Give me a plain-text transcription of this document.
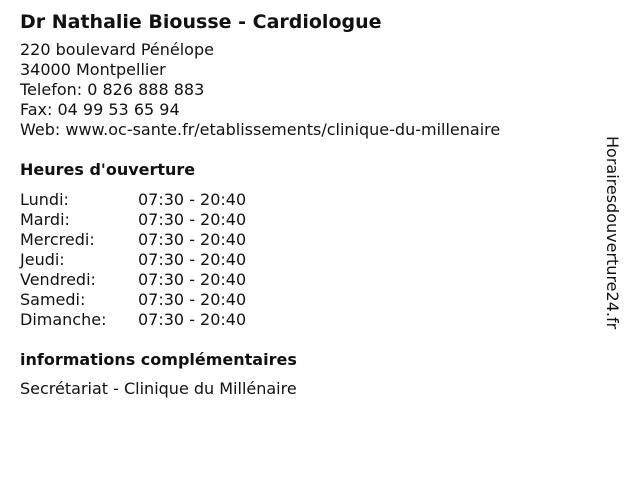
Dr Nathalie Biousse - Cardiologue
220 boulevard Pénélope
34000 Montpellier
Telefon: 0 826 888 883
Fax: 04 99 53 65 94
Web: www.oc-sante.fr/etablissements/clinique-du-millenaire
Heures d'ouverture
Lundi:	07:30 - 20:40
Mardi:	07:30 - 20:40
Mercredi:	07:30 - 20:40
Jeudi:	07:30 - 20:40
Vendredi:	07:30 - 20:40
Samedi:	07:30 - 20:40
Dimanche:	07:30 - 20:40
informations complémentaires
Secrétariat - Clinique du Millénaire
Horairesdouverture24.fr
